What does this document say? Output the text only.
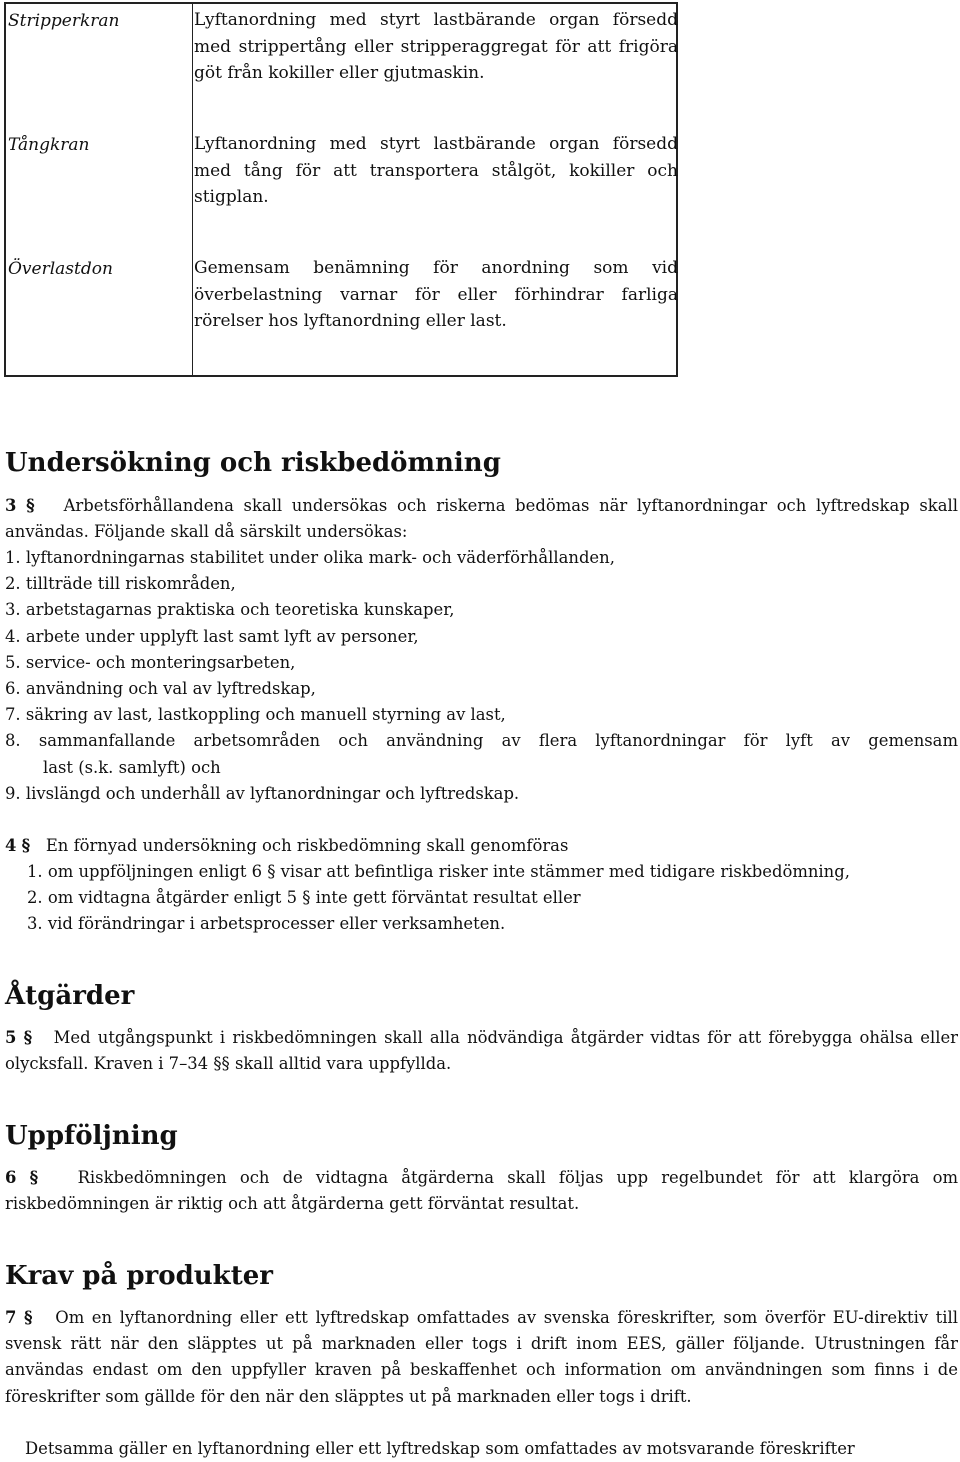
Stripperkran	Lyftanordning med styrt lastbärande organ försedd med strippertång eller stripperaggregat för att frigöra göt från kokiller eller gjutmaskin.
Tångkran	Lyftanordning med styrt lastbärande organ försedd med tång för att transportera stålgöt, kokiller och stigplan.
Överlastdon	Gemensam benämning för anordning som vid överbelastning varnar för eller förhindrar farliga rörelser hos lyftanordning eller last.
Undersökning och riskbedömning
3 § Arbetsförhållandena skall undersökas och riskerna bedömas när lyftanordningar och lyftredskap skall användas. Följande skall då särskilt undersökas:
1. lyftanordningarnas stabilitet under olika mark- och väderförhållanden,
2. tillträde till riskområden,
3. arbetstagarnas praktiska och teoretiska kunskaper,
4. arbete under upplyft last samt lyft av personer,
5. service- och monteringsarbeten,
6. användning och val av lyftredskap,
7. säkring av last, lastkoppling och manuell styrning av last,
8. sammanfallande arbetsområden och användning av flera lyftanordningar för lyft av gemensam
last (s.k. samlyft) och
9. livslängd och underhåll av lyftanordningar och lyftredskap.
4 § En förnyad undersökning och riskbedömning skall genomföras
1. om uppföljningen enligt 6 § visar att befintliga risker inte stämmer med tidigare riskbedömning,
2. om vidtagna åtgärder enligt 5 § inte gett förväntat resultat eller
3. vid förändringar i arbetsprocesser eller verksamheten.
Åtgärder
5 § Med utgångspunkt i riskbedömningen skall alla nödvändiga åtgärder vidtas för att förebygga ohälsa eller olycksfall. Kraven i 7–34 §§ skall alltid vara uppfyllda.
Uppföljning
6 § Riskbedömningen och de vidtagna åtgärderna skall följas upp regelbundet för att klargöra om riskbedömningen är riktig och att åtgärderna gett förväntat resultat.
Krav på produkter
7 § Om en lyftanordning eller ett lyftredskap omfattades av svenska föreskrifter, som överför EU-direktiv till svensk rätt när den släpptes ut på marknaden eller togs i drift inom EES, gäller följande. Utrustningen får användas endast om den uppfyller kraven på beskaffenhet och information om användningen som finns i de föreskrifter som gällde för den när den släpptes ut på marknaden eller togs i drift.
Detsamma gäller en lyftanordning eller ett lyftredskap som omfattades av motsvarande föreskrifter
